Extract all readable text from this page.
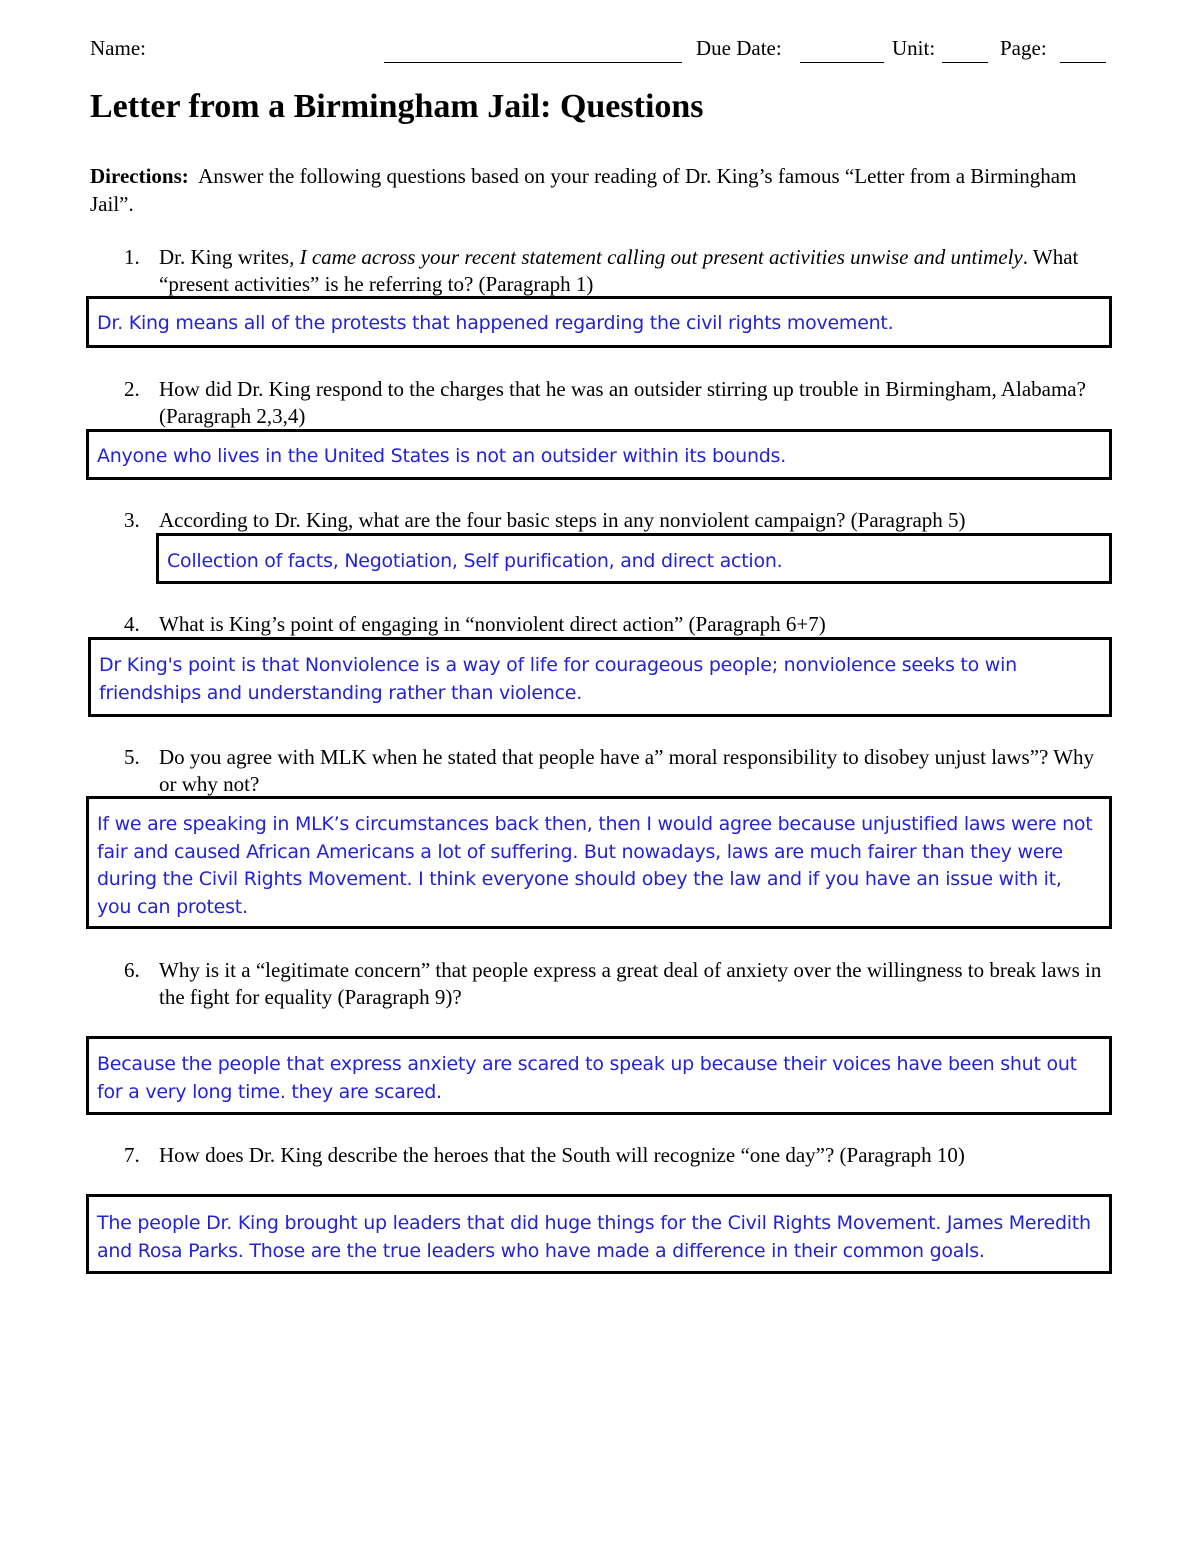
Name:	Due Date:	Unit:	Page:
Letter from a Birmingham Jail: Questions
Directions: Answer the following questions based on your reading of Dr. King’s famous “Letter from a Birmingham Jail”.
1. Dr. King writes, I came across your recent statement calling out present activities unwise and untimely. What “present activities” is he referring to? (Paragraph 1)
Dr. King means all of the protests that happened regarding the civil rights movement.
2. How did Dr. King respond to the charges that he was an outsider stirring up trouble in Birmingham, Alabama? (Paragraph 2,3,4)
Anyone who lives in the United States is not an outsider within its bounds.
3. According to Dr. King, what are the four basic steps in any nonviolent campaign? (Paragraph 5)
Collection of facts, Negotiation, Self purification, and direct action.
4. What is King’s point of engaging in “nonviolent direct action” (Paragraph 6+7)
Dr King's point is that Nonviolence is a way of life for courageous people; nonviolence seeks to win friendships and understanding rather than violence.
5. Do you agree with MLK when he stated that people have a” moral responsibility to disobey unjust laws”? Why or why not?
If we are speaking in MLK’s circumstances back then, then I would agree because unjustified laws were not fair and caused African Americans a lot of suffering. But nowadays, laws are much fairer than they were during the Civil Rights Movement. I think everyone should obey the law and if you have an issue with it, you can protest.
6. Why is it a “legitimate concern” that people express a great deal of anxiety over the willingness to break laws in the fight for equality (Paragraph 9)?
Because the people that express anxiety are scared to speak up because their voices have been shut out for a very long time. they are scared.
7. How does Dr. King describe the heroes that the South will recognize “one day”? (Paragraph 10)
The people Dr. King brought up leaders that did huge things for the Civil Rights Movement. James Meredith and Rosa Parks. Those are the true leaders who have made a difference in their common goals.
